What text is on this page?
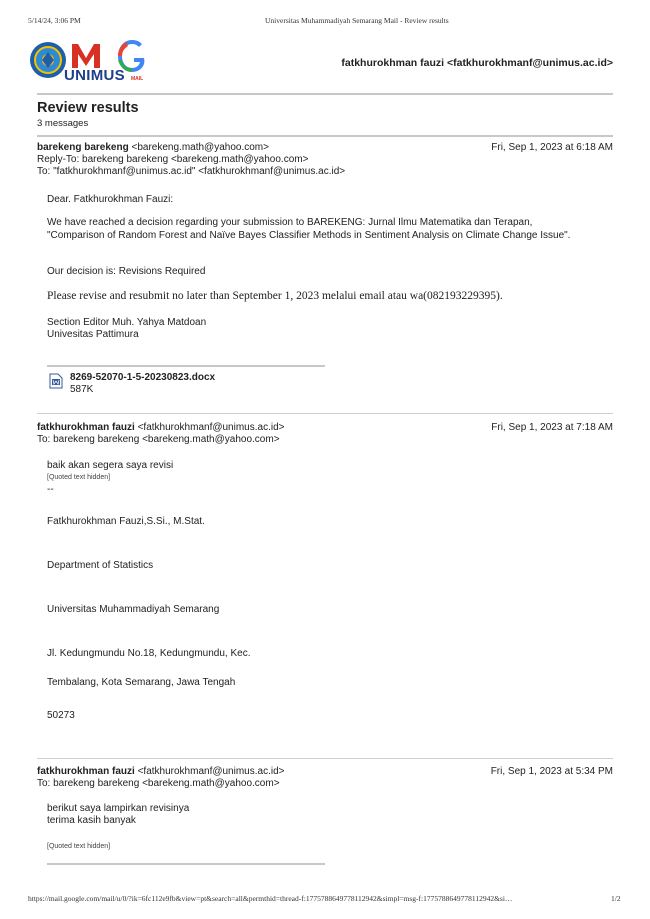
5/14/24, 3:06 PM	Universitas Muhammadiyah Semarang Mail - Review results
UNIMUS MAIL
fatkhurokhman fauzi <fatkhurokhmanf@unimus.ac.id>
Review results
3 messages
barekeng barekeng <barekeng.math@yahoo.com>	Fri, Sep 1, 2023 at 6:18 AM
Reply-To: barekeng barekeng <barekeng.math@yahoo.com>
To: "fatkhurokhmanf@unimus.ac.id" <fatkhurokhmanf@unimus.ac.id>
Dear. Fatkhurokhman Fauzi:
We have reached a decision regarding your submission to BAREKENG: Jurnal Ilmu Matematika dan Terapan, "Comparison of Random Forest and Naïve Bayes Classifier Methods in Sentiment Analysis on Climate Change Issue".
Our decision is: Revisions Required
Please revise and resubmit no later than September 1, 2023 melalui email atau wa(082193229395).
Section Editor Muh. Yahya Matdoan
Univesitas Pattimura
8269-52070-1-5-20230823.docx
587K
fatkhurokhman fauzi <fatkhurokhmanf@unimus.ac.id>	Fri, Sep 1, 2023 at 7:18 AM
To: barekeng barekeng <barekeng.math@yahoo.com>
baik akan segera saya revisi
[Quoted text hidden]
--
Fatkhurokhman Fauzi,S.Si., M.Stat.
Department of Statistics
Universitas Muhammadiyah Semarang
Jl. Kedungmundu No.18, Kedungmundu, Kec.
Tembalang, Kota Semarang, Jawa Tengah
50273
fatkhurokhman fauzi <fatkhurokhmanf@unimus.ac.id>	Fri, Sep 1, 2023 at 5:34 PM
To: barekeng barekeng <barekeng.math@yahoo.com>
berikut saya lampirkan revisinya
terima kasih banyak
[Quoted text hidden]
https://mail.google.com/mail/u/0/?ik=6fc112e9fb&view=pt&search=all&permthid=thread-f:1775788649778112942&simpl=msg-f:1775788649778112942&si…	1/2
